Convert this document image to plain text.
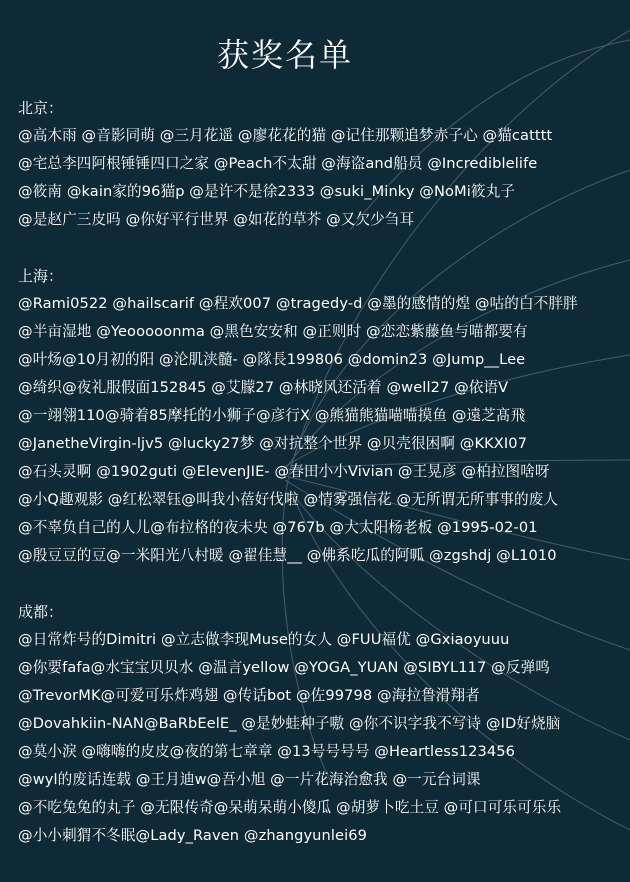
获奖名单
北京：
@高木雨 @音影同萌 @三月花遥 @廖花花的猫 @记住那颗追梦赤子心 @猫catttt
@宅总李四阿根锤锤四口之家 @Peach不太甜 @海盗and船员 @Incrediblelife
@筱南 @kain家的96猫p @是许不是徐2333 @suki_Minky @NoMi筱丸子
@是赵广三皮吗 @你好平行世界 @如花的草芥 @又欠少刍耳
上海：
@Rami0522 @hailscarif @程欢007 @tragedy-d @墨的感情的煌 @咕的白不胖胖
@半亩湿地 @Yeooooonma @黑色安安和 @正则时 @恋恋紫藤鱼与喵都要有
@叶炀@10月初的阳 @沦肌浃髓- @隊長199806 @domin23 @Jump__Lee
@绮织@夜礼服假面152845 @艾朦27 @林晓风还活着 @well27 @依语V
@一翊翎110@骑着85摩托的小狮子@彦行X @熊猫熊猫喵喵摸鱼 @遠芝髙飛
@JanetheVirgin-ljv5 @lucky27梦 @对抗整个世界 @贝壳很困啊 @KKXI07
@石头灵啊 @1902guti @ElevenJIE- @春田小小Vivian @王晃彦 @柏拉图啥呀
@小Q趣观影 @红松翠钰@叫我小蓓好伐啦 @情雾强信花 @无所谓无所事事的废人
@不辜负自己的人儿@布拉格的夜未央 @767b @大太阳杨老板 @1995-02-01
@殷豆豆的豆@一米阳光八村暖 @翟佳慧__ @佛系吃瓜的阿呱 @zgshdj @L1010
成都：
@日常炸号的Dimitri @立志做李现Muse的女人 @FUU福优 @Gxiaoyuuu
@你要fafa@水宝宝贝贝水 @温言yellow @YOGA_YUAN @SIBYL117 @反弹鸣
@TrevorMK@可爱可乐炸鸡翅 @传话bot @佐99798 @海拉鲁滑翔者
@Dovahkiin-NAN@BaRbEelE_ @是妙蛙种子嗷 @你不识字我不写诗 @ID好烧脑
@莫小淚 @嗨嗨的皮皮@夜的第七章章 @13号号号号 @Heartless123456
@wyl的废话连载 @王月迪w@吾小旭 @一片花海治愈我 @一元台词课
@不吃兔兔的丸子 @无限传奇@呆萌呆萌小傻瓜 @胡萝卜吃土豆 @可口可乐可乐乐
@小小刺猬不冬眠@Lady_Raven @zhangyunlei69
